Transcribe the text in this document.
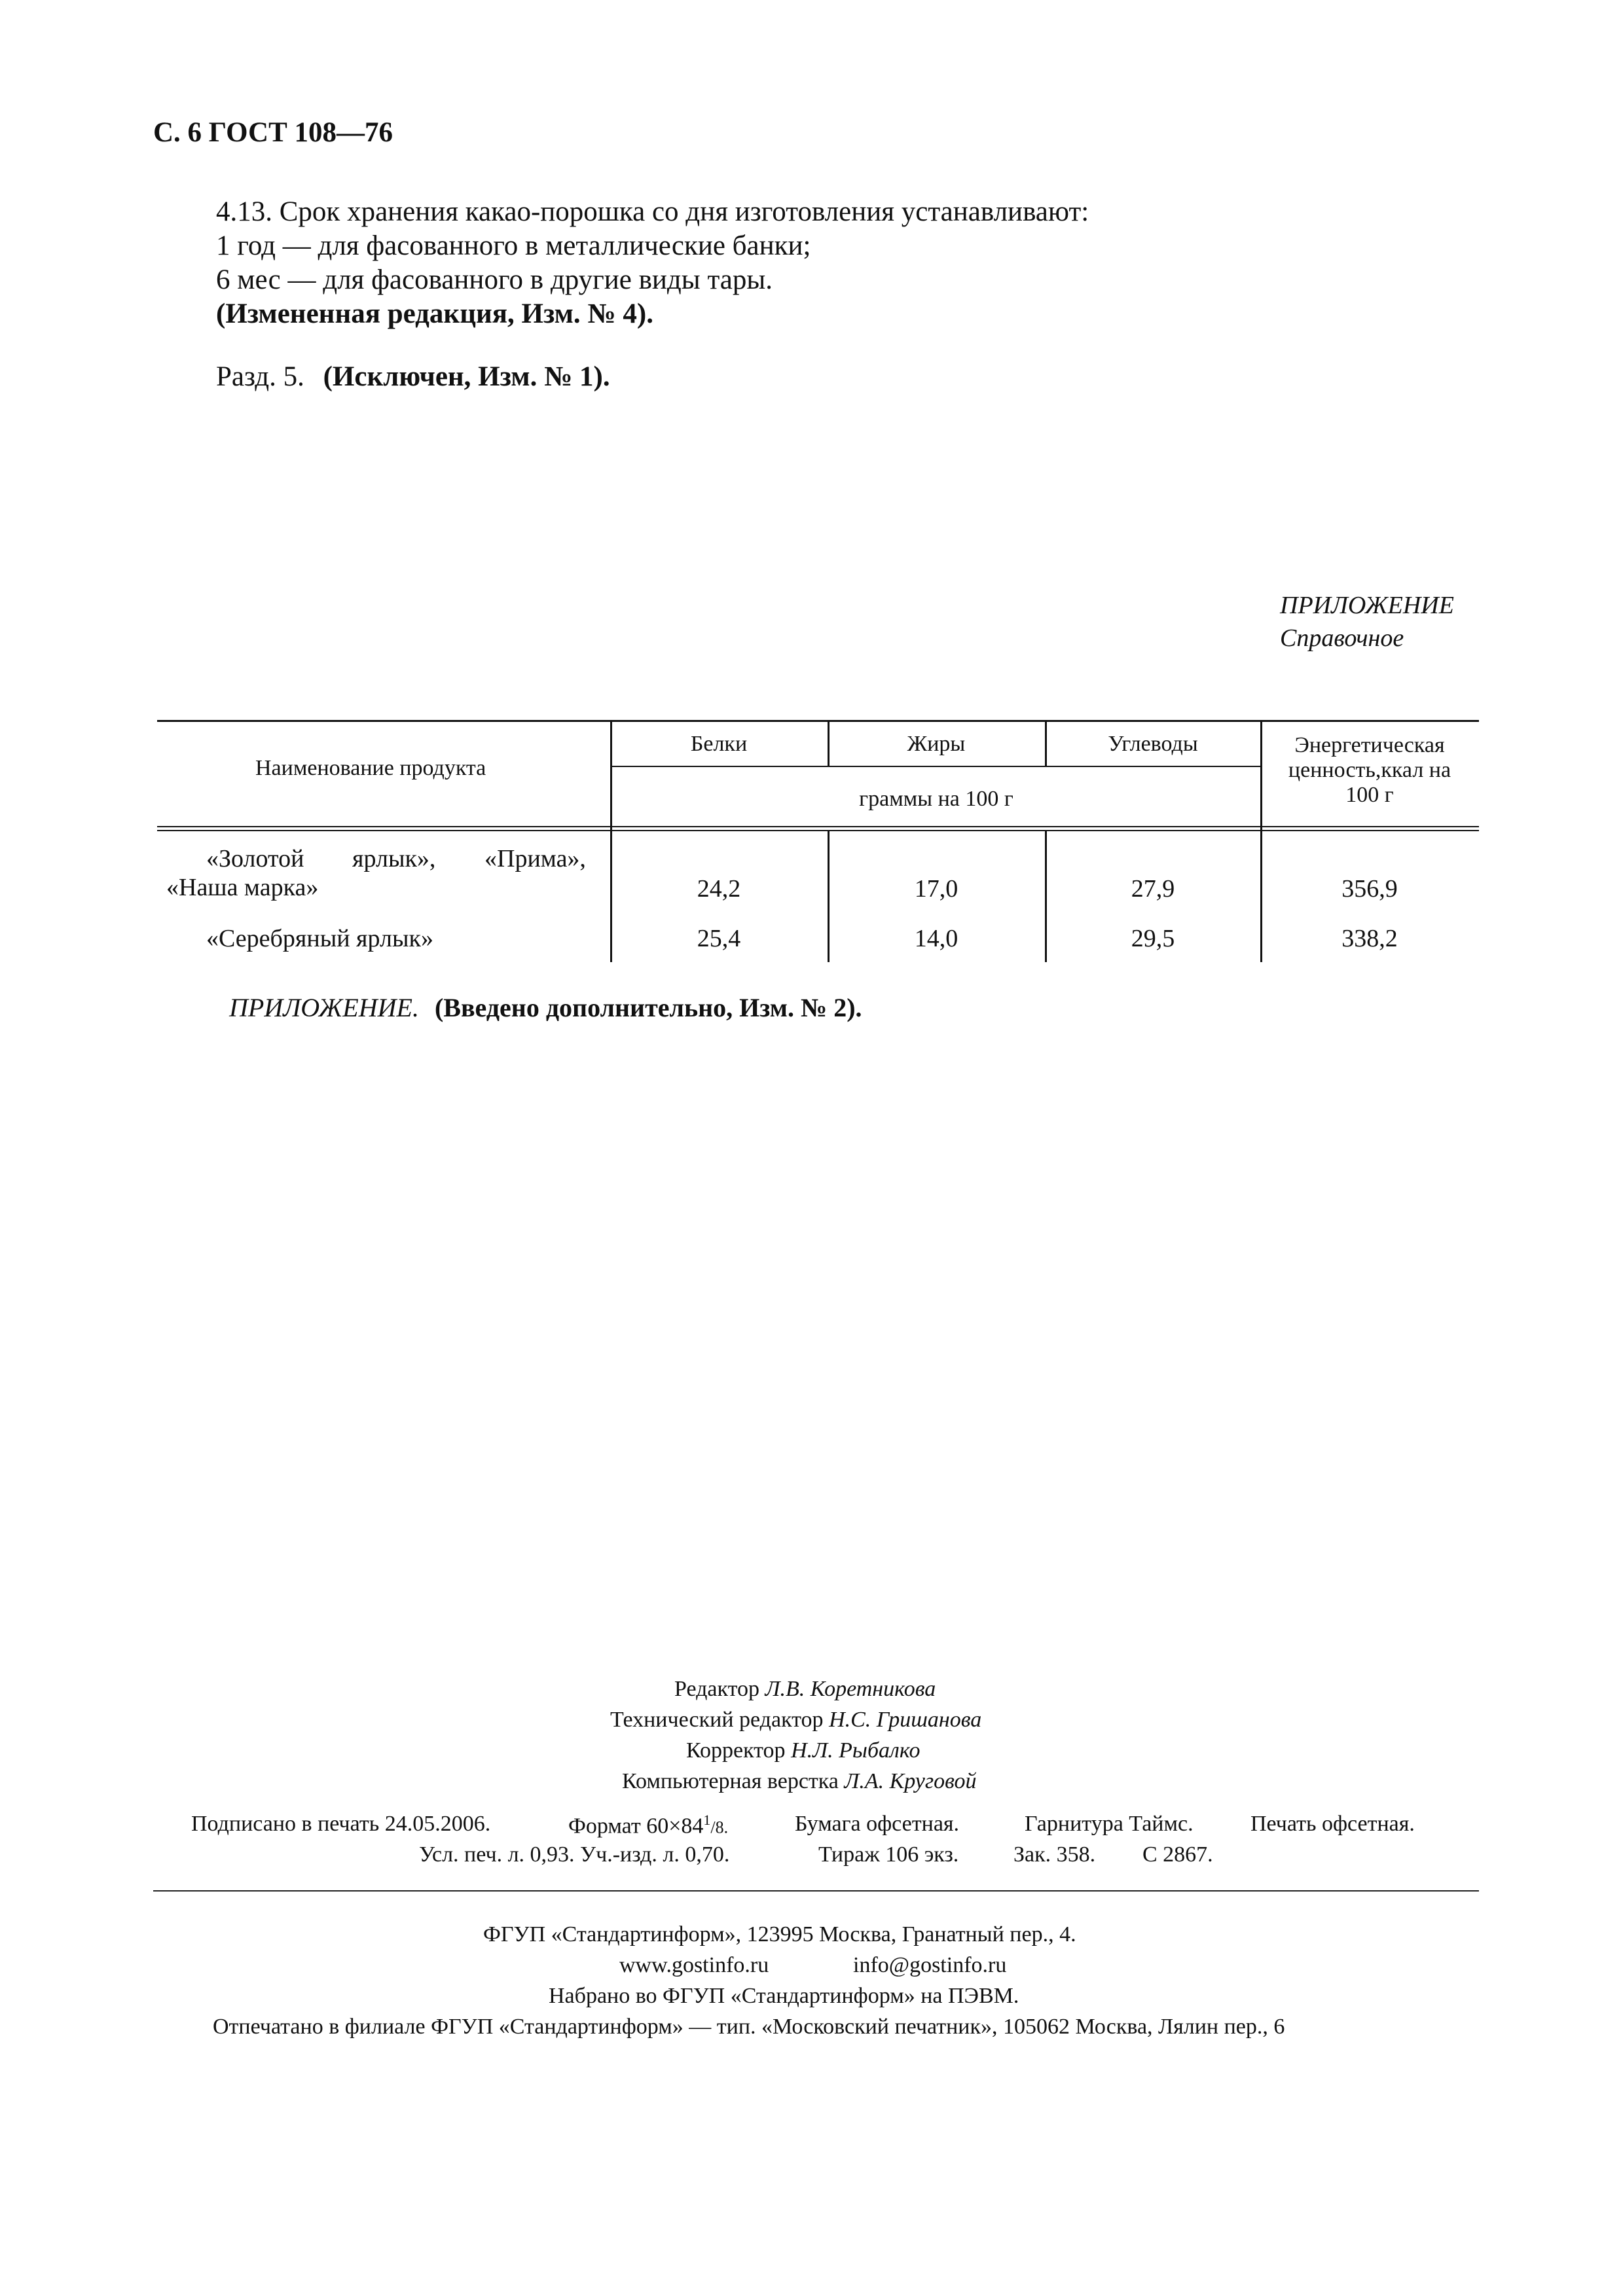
С. 6 ГОСТ 108—76
4.13. Срок хранения какао-порошка со дня изготовления устанавливают:
1 год — для фасованного в металлические банки;
6 мес — для фасованного в другие виды тары.
(Измененная редакция, Изм. № 4).
Разд. 5. (Исключен, Изм. № 1).
ПРИЛОЖЕНИЕ
Справочное
Наименование продукта
Белки	Жиры	Углеводы	Энергетическая
ценность,ккал на
100 г
граммы на 100 г
«Золотой ярлык», «Прима»,
«Наша марка»	24,2	17,0	27,9	356,9
«Серебряный ярлык»	25,4	14,0	29,5	338,2
ПРИЛОЖЕНИЕ. (Введено дополнительно, Изм. № 2).
Редактор Л.В. Коретникова
Технический редактор Н.С. Гришанова
Корректор Н.Л. Рыбалко
Компьютерная верстка Л.А. Круговой
Подписано в печать 24.05.2006.	Формат $60\times 84^1/8$.	Бумага офсетная.	Гарнитура Таймс.	Печать офсетная.
Усл. печ. л. 0,93. Уч.-изд. л. 0,70.	Тираж 106 экз. Зак. 358. С 2867.
ФГУП «Стандартинформ», 123995 Москва, Гранатный пер., 4.
www.gostinfo.ru	info@gostinfo.ru

Набрано во ФГУП «Стандартинформ» на ПЭВМ.
Отпечатано в филиале ФГУП «Стандартинформ» — тип. «Московский печатник», 105062 Москва, Лялин пер., 6
